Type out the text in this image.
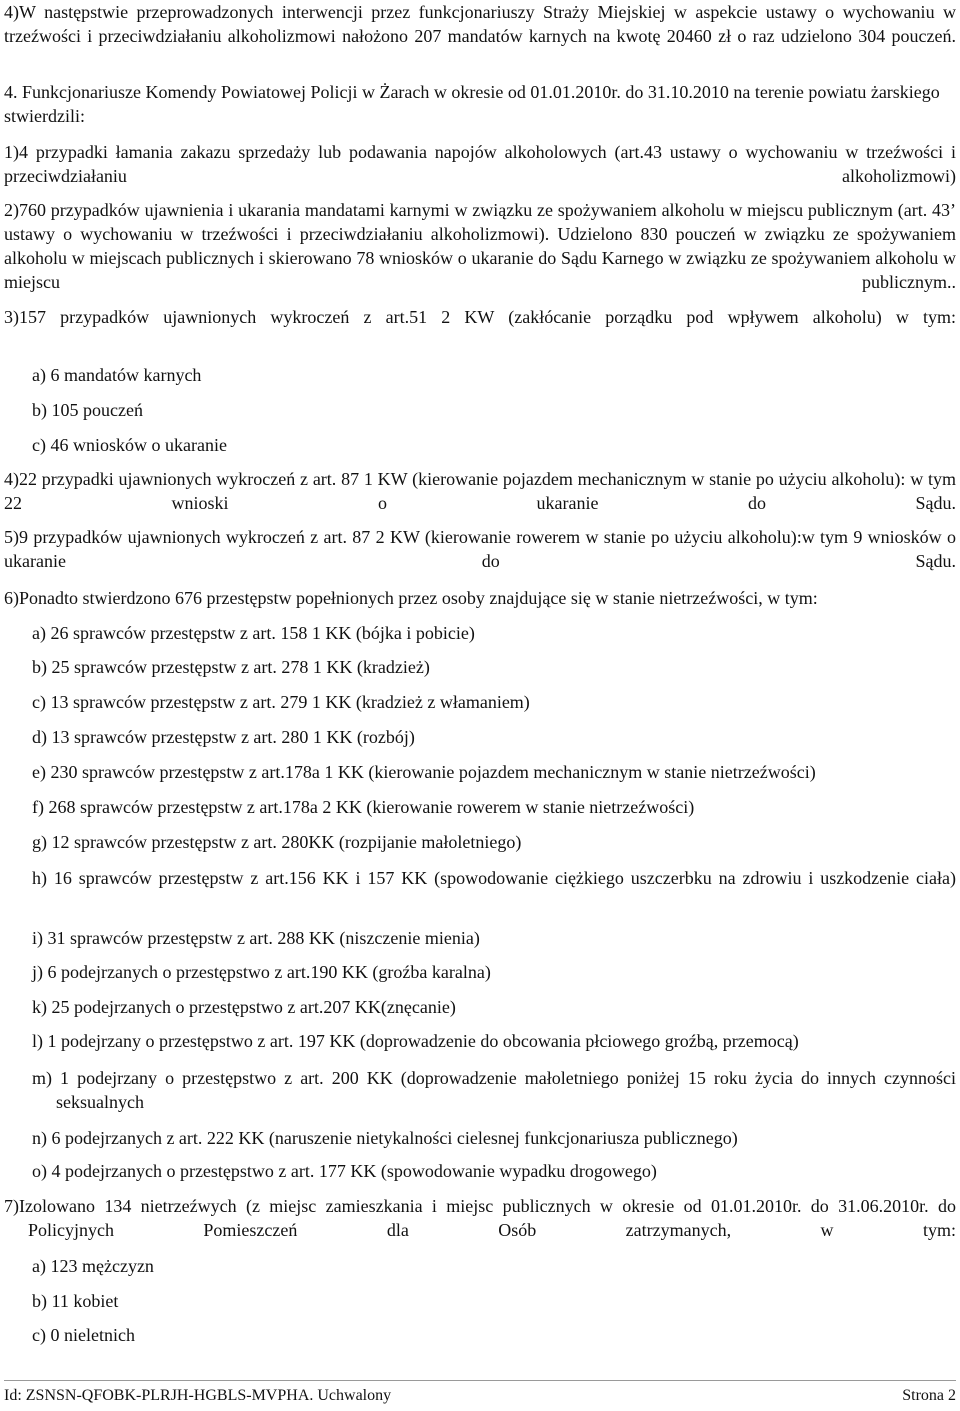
4)W następstwie przeprowadzonych interwencji przez funkcjonariuszy Straży Miejskiej w aspekcie ustawy o wychowaniu w trzeźwości i przeciwdziałaniu alkoholizmowi nałożono 207 mandatów karnych na kwotę 20460 zł o raz udzielono 304 pouczeń.

4. Funkcjonariusze Komendy Powiatowej Policji w Żarach w okresie od 01.01.2010r. do 31.10.2010 na terenie powiatu żarskiego stwierdzili:

1)4 przypadki łamania zakazu sprzedaży lub podawania napojów alkoholowych (art.43 ustawy o wychowaniu w trzeźwości i przeciwdziałaniu alkoholizmowi)

2)760 przypadków ujawnienia i ukarania mandatami karnymi w związku ze spożywaniem alkoholu w miejscu publicznym (art. 43’ ustawy o wychowaniu w trzeźwości i przeciwdziałaniu alkoholizmowi). Udzielono 830 pouczeń w związku ze spożywaniem alkoholu w miejscach publicznych i skierowano 78 wniosków o ukaranie do Sądu Karnego w związku ze spożywaniem alkoholu w miejscu publicznym..

3)157 przypadków ujawnionych wykroczeń z art.51 2 KW (zakłócanie porządku pod wpływem alkoholu) w tym:

a) 6 mandatów karnych

b) 105 pouczeń

c) 46 wniosków o ukaranie

4)22 przypadki ujawnionych wykroczeń z art. 87 1 KW (kierowanie pojazdem mechanicznym w stanie po użyciu alkoholu): w tym 22 wnioski o ukaranie do Sądu.

5)9 przypadków ujawnionych wykroczeń z art. 87 2 KW (kierowanie rowerem w stanie po użyciu alkoholu):w tym 9 wniosków o ukaranie do Sądu.

6)Ponadto stwierdzono 676 przestępstw popełnionych przez osoby znajdujące się w stanie nietrzeźwości, w tym:

a) 26 sprawców przestępstw z art. 158 1 KK (bójka i pobicie)

b) 25 sprawców przestępstw z art. 278 1 KK (kradzież)

c) 13 sprawców przestępstw z art. 279 1 KK (kradzież z włamaniem)

d) 13 sprawców przestępstw z art. 280 1 KK (rozbój)

e) 230 sprawców przestępstw z art.178a 1 KK (kierowanie pojazdem mechanicznym w stanie nietrzeźwości)

f) 268 sprawców przestępstw z art.178a 2 KK (kierowanie rowerem w stanie nietrzeźwości)

g) 12 sprawców przestępstw z art. 280KK (rozpijanie małoletniego)

h) 16 sprawców przestępstw z art.156 KK i 157 KK (spowodowanie ciężkiego uszczerbku na zdrowiu i uszkodzenie ciała)

i) 31 sprawców przestępstw z art. 288 KK (niszczenie mienia)

j) 6 podejrzanych o przestępstwo z art.190 KK (groźba karalna)

k) 25 podejrzanych o przestępstwo z art.207 KK(znęcanie)

l) 1 podejrzany o przestępstwo z art. 197 KK (doprowadzenie do obcowania płciowego groźbą, przemocą)

m) 1 podejrzany o przestępstwo z art. 200 KK (doprowadzenie małoletniego poniżej 15 roku życia do innych czynności seksualnych

n) 6 podejrzanych z art. 222 KK (naruszenie nietykalności cielesnej funkcjonariusza publicznego)

o) 4 podejrzanych o przestępstwo z art. 177 KK (spowodowanie wypadku drogowego)

7)Izolowano 134 nietrzeźwych (z miejsc zamieszkania i miejsc publicznych w okresie od 01.01.2010r. do 31.06.2010r. do Policyjnych Pomieszczeń dla Osób zatrzymanych, w tym:

a) 123 mężczyzn

b) 11 kobiet

c) 0 nieletnich

Id: ZSNSN-QFOBK-PLRJH-HGBLS-MVPHA. Uchwalony	Strona 2
